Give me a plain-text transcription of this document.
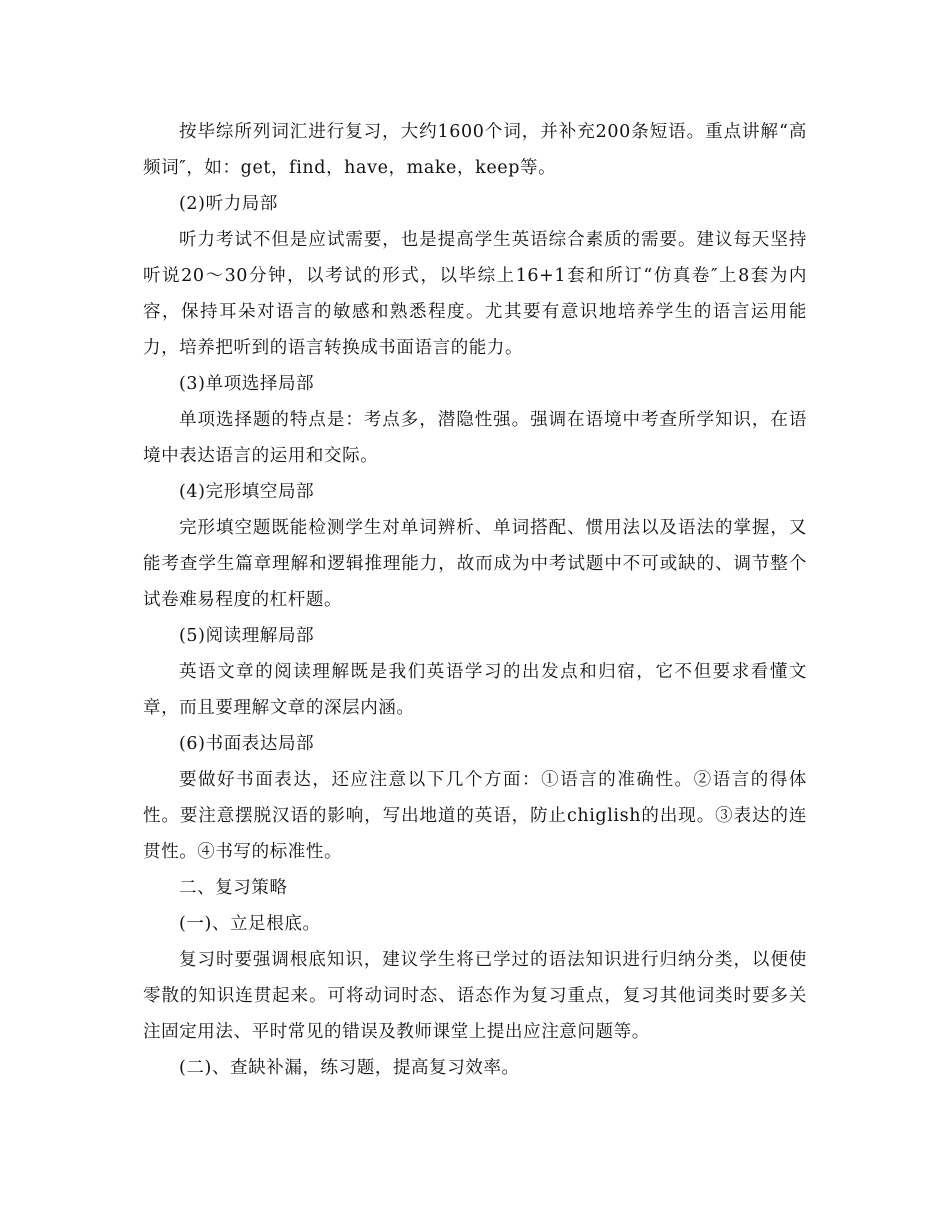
按毕综所列词汇进行复习，大约1600个词，并补充200条短语。重点讲解“高频词″，如：get，find，have，make，keep等。

(2)听力局部

听力考试不但是应试需要，也是提高学生英语综合素质的需要。建议每天坚持听说20～30分钟，以考试的形式，以毕综上16+1套和所订“仿真卷″上8套为内容，保持耳朵对语言的敏感和熟悉程度。尤其要有意识地培养学生的语言运用能力，培养把听到的语言转换成书面语言的能力。

(3)单项选择局部

单项选择题的特点是：考点多，潜隐性强。强调在语境中考查所学知识，在语境中表达语言的运用和交际。

(4)完形填空局部

完形填空题既能检测学生对单词辨析、单词搭配、惯用法以及语法的掌握，又能考查学生篇章理解和逻辑推理能力，故而成为中考试题中不可或缺的、调节整个试卷难易程度的杠杆题。

(5)阅读理解局部

英语文章的阅读理解既是我们英语学习的出发点和归宿，它不但要求看懂文章，而且要理解文章的深层内涵。

(6)书面表达局部

要做好书面表达，还应注意以下几个方面：①语言的准确性。②语言的得体性。要注意摆脱汉语的影响，写出地道的英语，防止chiglish的出现。③表达的连贯性。④书写的标准性。

二、复习策略

(一)、立足根底。

复习时要强调根底知识，建议学生将已学过的语法知识进行归纳分类，以便使零散的知识连贯起来。可将动词时态、语态作为复习重点，复习其他词类时要多关注固定用法、平时常见的错误及教师课堂上提出应注意问题等。

(二)、查缺补漏，练习题，提高复习效率。
